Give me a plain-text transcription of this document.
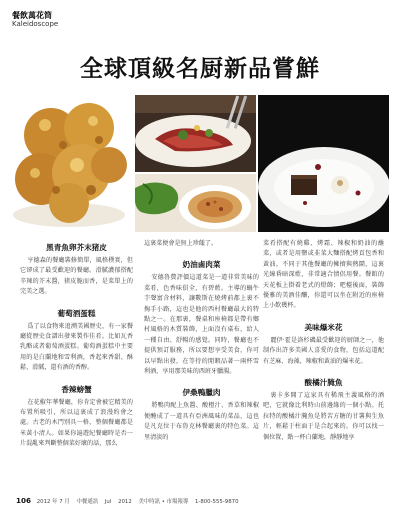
餐飲萬花筒
Kaleidoscope
全球頂級名厨新品嘗鮮
黑青魚卵芥末猪皮
亨德森的餐廳裝修簡單，風格樸實，但它卻成了最受歡迎的餐廳。滑膩濃郁搭配辛辣的芥末醬，猪皮脆而香，是菜單上的完美之選。
葡萄酒蛋糕
爲了以食物來追溯美國歷史，有一家餐廳從歷史食譜出發來製作佳肴。比如瓦香乳酪或者葡萄酒蛋糕。葡萄酒蛋糕中主要用的是白蘭地和雪利酒，香起來香甜、酥鬆、滑膩，還有酒的香醇。
香辣螃蟹
在花椒年華餐廳，你肯定會被它精美的布置所吸引，所以這裏成了浪漫約會之處。古老的木門別具一格，整個餐廳都是米黃小清人。如果你遍遊紀餐廳時是否一片混亂來判斷整個菜好壞的話，那么
這裏菜便會是無上珍饈了。
奶油鹵肉菜
安德魯費評價這道菜是一道非常美味的菜肴，色香味俱全，有碧藍。主導的蝸牛芋聲富含材料，讓數斯在燒烤前都上裏不掏手小路，這也是他的西村餐廳最大的特點之一。在那裏，餐桌和座椅都是帶有鄉村風格的木質裝飾，上面沒有桌布，給人一種自由、舒暢的感覺。同時，餐廳也不提供預訂服務，所以要想享受美食，你可以早點出發，在等待的閒暇品著一兩杯雪利酒，享用那美味的西班牙臘腸。
伊桑鴨臘肉
將鴨肉配上魚醬、酸橙汁、香草和辣椒便醃成了一道具有亞洲風味的菜品，這也是凡克位于布魯克林餐廳裏的特色菜。這里清淡的
菜肴搭配有燒雞、烤霜、辣椒和奶油的蘸菜，或者是用鹽或韭菜大麵搭配烤貢包香和黃油。不同于其他餐廳的擁擠與熱鬧，這裏光線昏暗深藍，非常適合情侶用餐。餐館的天花板上掛着老式的燈飾；吧檯後面，裝飾優雅的美酒佳釀，你還可以坐在附近的座椅上小飲幾杯。
美味爆米花
麗伊·霍是洛杉磯最受歡迎的厨師之一，他制作出許多美國人喜愛的食物，包括這道配有芝麻、海藻、辣椒和黃油的爆米花。
酸橘汁腌魚
裏卡多開了這家具有稀飛主義風格的酒吧，它就像比利時山前邊緣的一個小點。托拉特的酸橘汁腌魚是將苦方糖的甘薯與生魚片，輕鬆于柱面于是合起來的。你可以找一個位置，點一杯白蘭地，靜靜地享
106 2012 年 7 月 中餐通訊 Jul 2012 美中時訊 • 市場報導 1-800-555-9870
